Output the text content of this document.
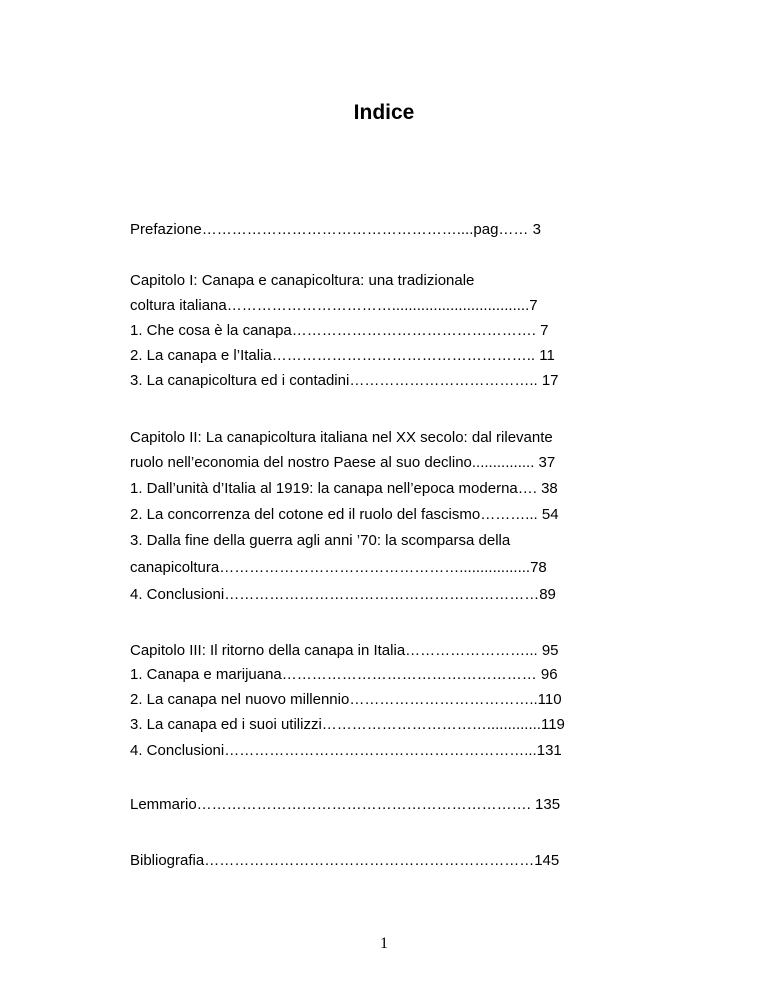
Indice
Prefazione……………………………………………....pag…… 3
Capitolo I: Canapa e canapicoltura: una tradizionale
coltura italiana…………………………….................................7
1. Che cosa è la canapa…………………………………………. 7
2. La canapa e l’Italia…………………………………………….. 11
3. La canapicoltura ed i contadini……………………………….. 17
Capitolo II: La canapicoltura italiana nel XX secolo: dal rilevante
ruolo nell’economia del nostro Paese al suo declino............... 37
1. Dall’unità d’Italia al 1919: la canapa nell’epoca moderna…. 38
2. La concorrenza del cotone ed il ruolo del fascismo………... 54
3. Dalla fine della guerra agli anni ’70: la scomparsa della
canapicoltura………………………………………….................78
4. Conclusioni………………………………………………………89
Capitolo III: Il ritorno della canapa in Italia……………………... 95
1. Canapa e marijuana…………………………………………… 96
2. La canapa nel nuovo millennio………………………………..110
3. La canapa ed i suoi utilizzi…………………………….............119
4. Conclusioni……………………………………………………...131
Lemmario…………………………………………………………. 135
Bibliografia…………………………………………………………145
1
